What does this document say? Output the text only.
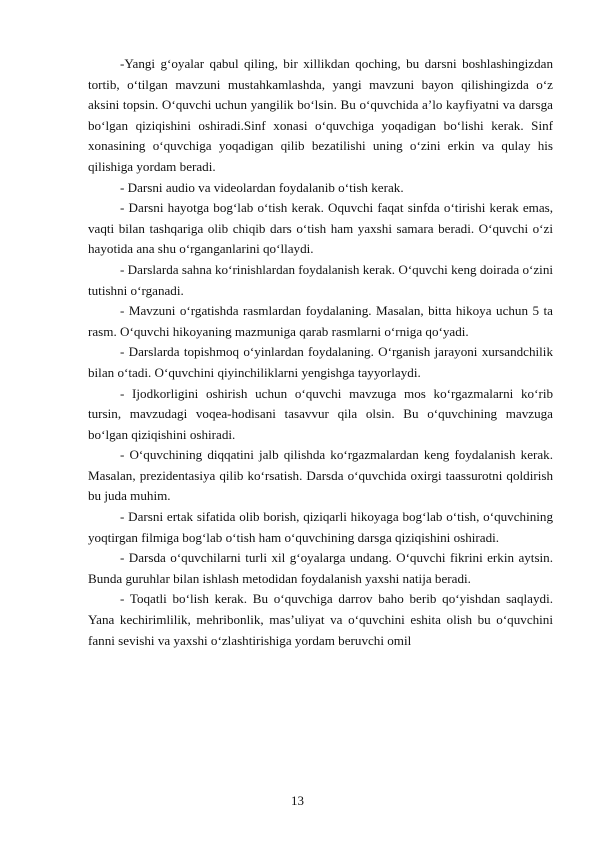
-Yangi g‘oyalar qabul qiling, bir xillikdan qoching, bu darsni boshlashingizdan tortib, o‘tilgan mavzuni mustahkamlashda, yangi mavzuni bayon qilishingizda o‘z aksini topsin. O‘quvchi uchun yangilik bo‘lsin. Bu o‘quvchida a’lo kayfiyatni va darsga bo‘lgan qiziqishini oshiradi.Sinf xonasi o‘quvchiga yoqadigan bo‘lishi kerak. Sinf xonasining o‘quvchiga yoqadigan qilib bezatilishi uning o‘zini erkin va qulay his qilishiga yordam beradi.

- Darsni audio va videolardan foydalanib o‘tish kerak.

- Darsni hayotga bog‘lab o‘tish kerak. Oquvchi faqat sinfda o‘tirishi kerak emas, vaqti bilan tashqariga olib chiqib dars o‘tish ham yaxshi samara beradi. O‘quvchi o‘zi hayotida ana shu o‘rganganlarini qo‘llaydi.

- Darslarda sahna ko‘rinishlardan foydalanish kerak. O‘quvchi keng doirada o‘zini tutishni o‘rganadi.

- Mavzuni o‘rgatishda rasmlardan foydalaning. Masalan, bitta hikoya uchun 5 ta rasm. O‘quvchi hikoyaning mazmuniga qarab rasmlarni o‘rniga qo‘yadi.

- Darslarda topishmoq o‘yinlardan foydalaning. O‘rganish jarayoni xursandchilik bilan o‘tadi. O‘quvchini qiyinchiliklarni yengishga tayyorlaydi.

- Ijodkorligini oshirish uchun o‘quvchi mavzuga mos ko‘rgazmalarni ko‘rib tursin, mavzudagi voqea-hodisani tasavvur qila olsin. Bu o‘quvchining mavzuga bo‘lgan qiziqishini oshiradi.

- O‘quvchining diqqatini jalb qilishda ko‘rgazmalardan keng foydalanish kerak. Masalan, prezidentasiya qilib ko‘rsatish. Darsda o‘quvchida oxirgi taassurotni qoldirish bu juda muhim.

- Darsni ertak sifatida olib borish, qiziqarli hikoyaga bog‘lab o‘tish, o‘quvchining yoqtirgan filmiga bog‘lab o‘tish ham o‘quvchining darsga qiziqishini oshiradi.

- Darsda o‘quvchilarni turli xil g‘oyalarga undang. O‘quvchi fikrini erkin aytsin. Bunda guruhlar bilan ishlash metodidan foydalanish yaxshi natija beradi.

- Toqatli bo‘lish kerak. Bu o‘quvchiga darrov baho berib qo‘yishdan saqlaydi. Yana kechirimlilik, mehribonlik, mas’uliyat va o‘quvchini eshita olish bu o‘quvchini fanni sevishi va yaxshi o‘zlashtirishiga yordam beruvchi omil

13
